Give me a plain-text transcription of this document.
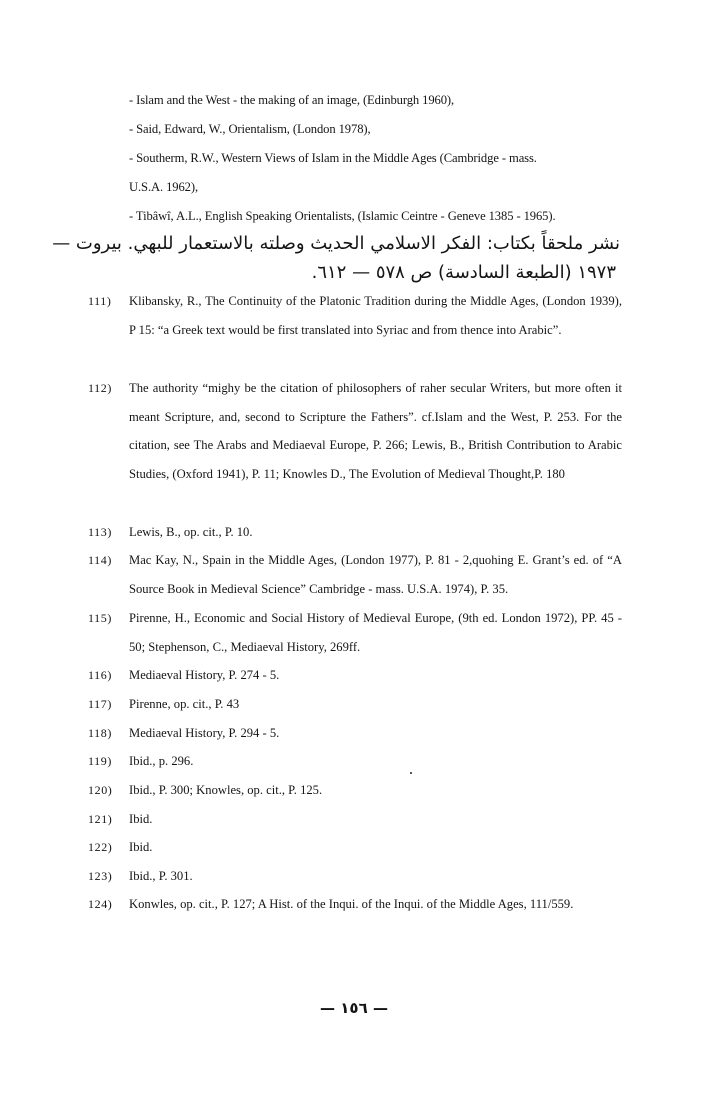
- Islam and the West - the making of an image, (Edinburgh 1960),
- Said, Edward, W., Orientalism, (London 1978),
- Southerm, R.W., Western Views of Islam in the Middle Ages (Cambridge - mass.
U.S.A. 1962),
- Tibâwî, A.L., English Speaking Orientalists, (Islamic Ceintre - Geneve 1385 - 1965).
نشر ملحقاً بكتاب: الفكر الاسلامي الحديث وصلته بالاستعمار للبهي. بيروت —
١٩٧٣ (الطبعة السادسة) ص ٥٧٨ — ٦١٢.
111) Klibansky, R., The Continuity of the Platonic Tradition during the Middle Ages, (London 1939), P 15: “a Greek text would be first translated into Syriac and from thence into Arabic”.
112) The authority “mighy be the citation of philosophers of raher secular Writers, but more often it meant Scripture, and, second to Scripture the Fathers”. cf.Islam and the West, P. 253. For the citation, see The Arabs and Mediaeval Europe, P. 266; Lewis, B., British Contribution to Arabic Studies, (Oxford 1941), P. 11; Knowles D., The Evolution of Medieval Thought,P. 180
113) Lewis, B., op. cit., P. 10.
114) Mac Kay, N., Spain in the Middle Ages, (London 1977), P. 81 - 2,quohing E. Grant’s ed. of “A Source Book in Medieval Science” Cambridge - mass. U.S.A. 1974), P. 35.
115) Pirenne, H., Economic and Social History of Medieval Europe, (9th ed. London 1972), PP. 45 - 50; Stephenson, C., Mediaeval History, 269ff.
116) Mediaeval History, P. 274 - 5.
117) Pirenne, op. cit., P. 43
118) Mediaeval History, P. 294 - 5.
119) Ibid., p. 296.
120) Ibid., P. 300; Knowles, op. cit., P. 125.
121) Ibid.
122) Ibid.
123) Ibid., P. 301.
124) Konwles, op. cit., P. 127; A Hist. of the Inqui. of the Inqui. of the Middle Ages, 111/559.
— ١٥٦ —
